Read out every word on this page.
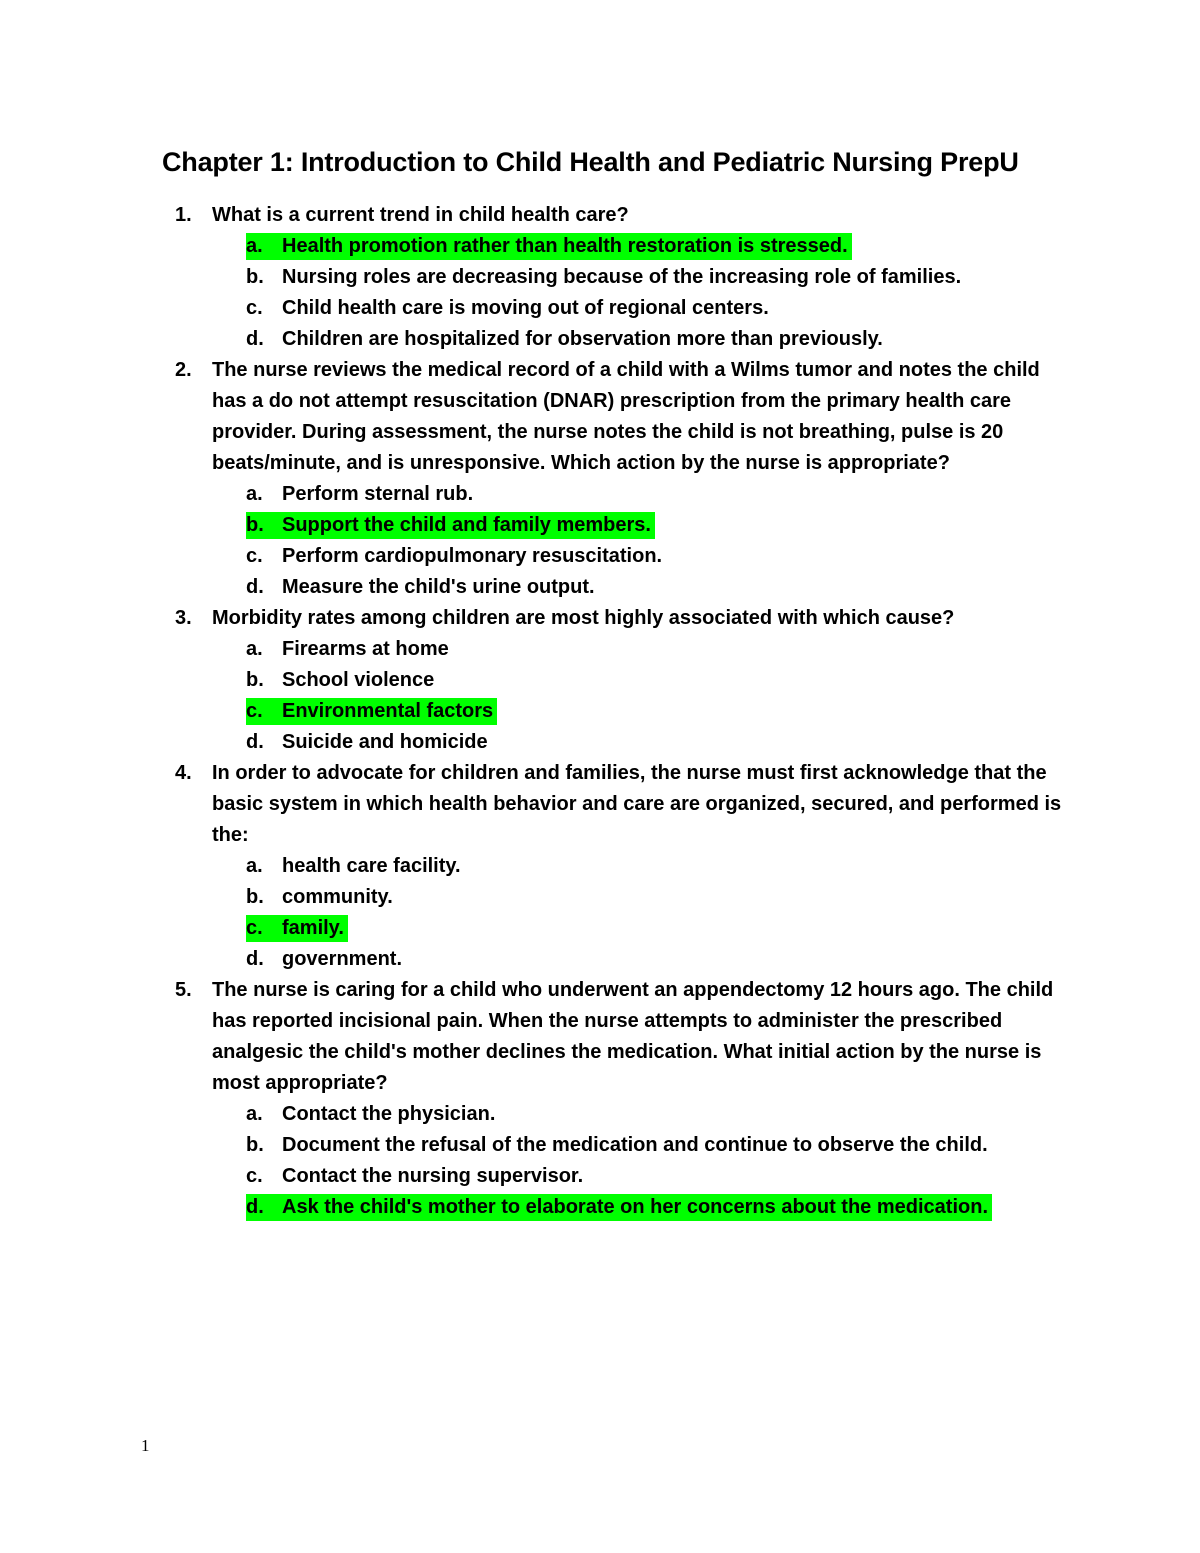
Chapter 1: Introduction to Child Health and Pediatric Nursing PrepU
1.	What is a current trend in child health care?
a. Health promotion rather than health restoration is stressed.
b. Nursing roles are decreasing because of the increasing role of families.
c. Child health care is moving out of regional centers.
d. Children are hospitalized for observation more than previously.
2.	The nurse reviews the medical record of a child with a Wilms tumor and notes the child has a do not attempt resuscitation (DNAR) prescription from the primary health care provider. During assessment, the nurse notes the child is not breathing, pulse is 20 beats/minute, and is unresponsive. Which action by the nurse is appropriate?
a. Perform sternal rub.
b. Support the child and family members.
c. Perform cardiopulmonary resuscitation.
d. Measure the child's urine output.
3.	Morbidity rates among children are most highly associated with which cause?
a. Firearms at home
b. School violence
c. Environmental factors
d. Suicide and homicide
4.	In order to advocate for children and families, the nurse must first acknowledge that the basic system in which health behavior and care are organized, secured, and performed is the:
a. health care facility.
b. community.
c. family.
d. government.
5.	The nurse is caring for a child who underwent an appendectomy 12 hours ago. The child has reported incisional pain. When the nurse attempts to administer the prescribed analgesic the child's mother declines the medication. What initial action by the nurse is most appropriate?
a. Contact the physician.
b. Document the refusal of the medication and continue to observe the child.
c. Contact the nursing supervisor.
d. Ask the child's mother to elaborate on her concerns about the medication.
1
